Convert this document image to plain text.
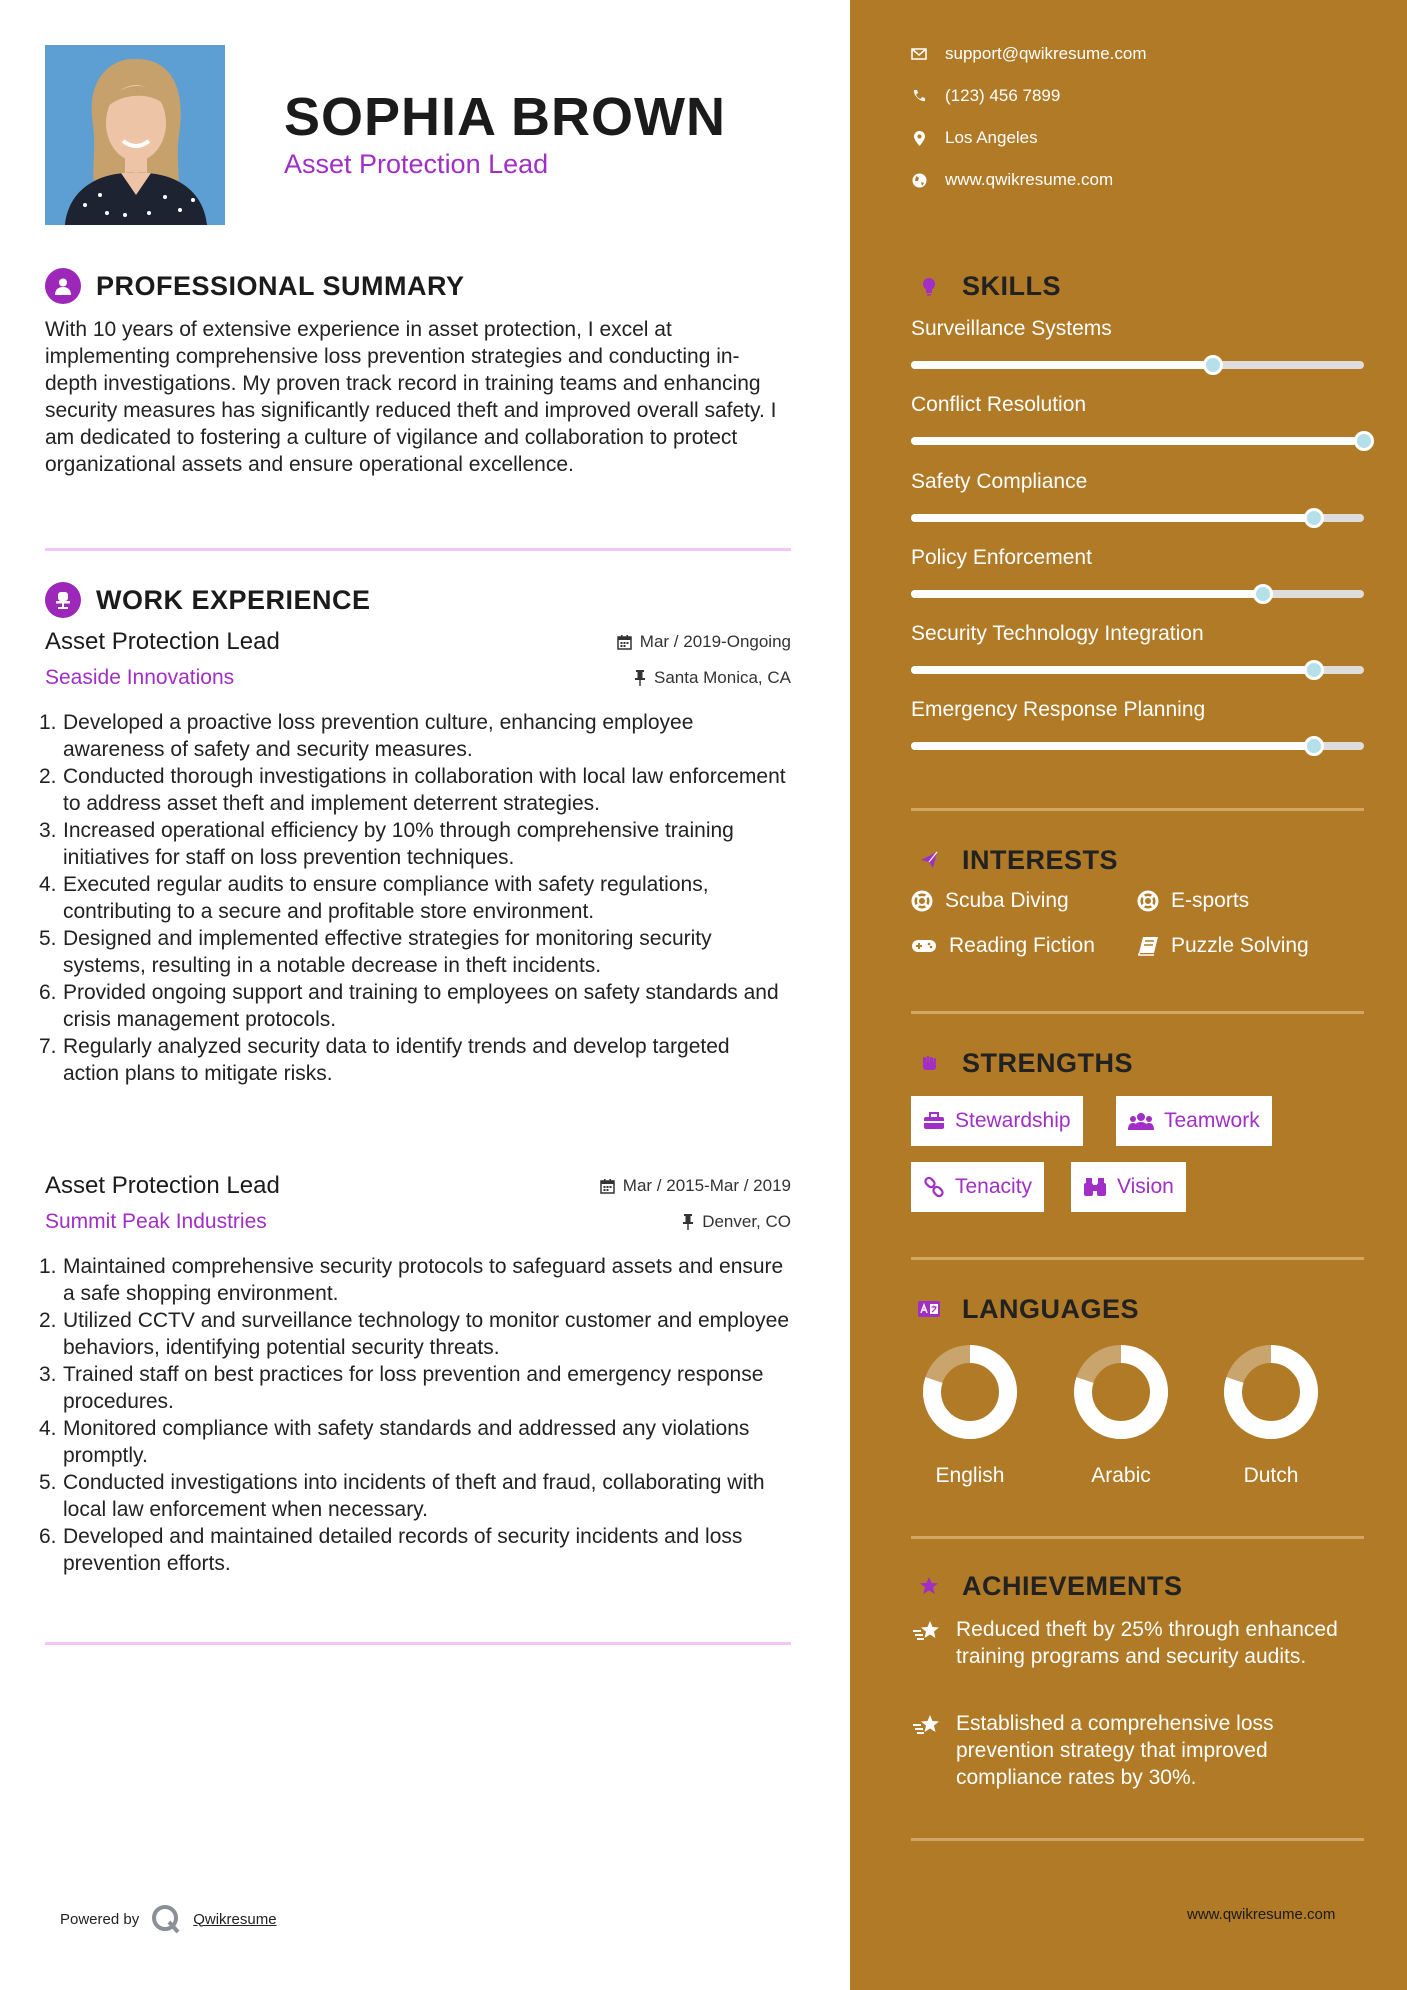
SOPHIA BROWN
Asset Protection Lead
PROFESSIONAL SUMMARY
With 10 years of extensive experience in asset protection, I excel at implementing comprehensive loss prevention strategies and conducting in-depth investigations. My proven track record in training teams and enhancing security measures has significantly reduced theft and improved overall safety. I am dedicated to fostering a culture of vigilance and collaboration to protect organizational assets and ensure operational excellence.
WORK EXPERIENCE
Asset Protection Lead	Mar / 2019-Ongoing
Seaside Innovations	Santa Monica, CA
1. Developed a proactive loss prevention culture, enhancing employee awareness of safety and security measures.
2. Conducted thorough investigations in collaboration with local law enforcement to address asset theft and implement deterrent strategies.
3. Increased operational efficiency by 10% through comprehensive training initiatives for staff on loss prevention techniques.
4. Executed regular audits to ensure compliance with safety regulations, contributing to a secure and profitable store environment.
5. Designed and implemented effective strategies for monitoring security systems, resulting in a notable decrease in theft incidents.
6. Provided ongoing support and training to employees on safety standards and crisis management protocols.
7. Regularly analyzed security data to identify trends and develop targeted action plans to mitigate risks.
Asset Protection Lead	Mar / 2015-Mar / 2019
Summit Peak Industries	Denver, CO
1. Maintained comprehensive security protocols to safeguard assets and ensure a safe shopping environment.
2. Utilized CCTV and surveillance technology to monitor customer and employee behaviors, identifying potential security threats.
3. Trained staff on best practices for loss prevention and emergency response procedures.
4. Monitored compliance with safety standards and addressed any violations promptly.
5. Conducted investigations into incidents of theft and fraud, collaborating with local law enforcement when necessary.
6. Developed and maintained detailed records of security incidents and loss prevention efforts.
Powered by	Qwikresume
support@qwikresume.com
(123) 456 7899
Los Angeles
www.qwikresume.com
SKILLS
Surveillance Systems
Conflict Resolution
Safety Compliance
Policy Enforcement
Security Technology Integration
Emergency Response Planning
INTERESTS
Scuba Diving	E-sports
Reading Fiction	Puzzle Solving
STRENGTHS
Stewardship	Teamwork
Tenacity	Vision
LANGUAGES
English	Arabic	Dutch
ACHIEVEMENTS
Reduced theft by 25% through enhanced training programs and security audits.
Established a comprehensive loss prevention strategy that improved compliance rates by 30%.
www.qwikresume.com
